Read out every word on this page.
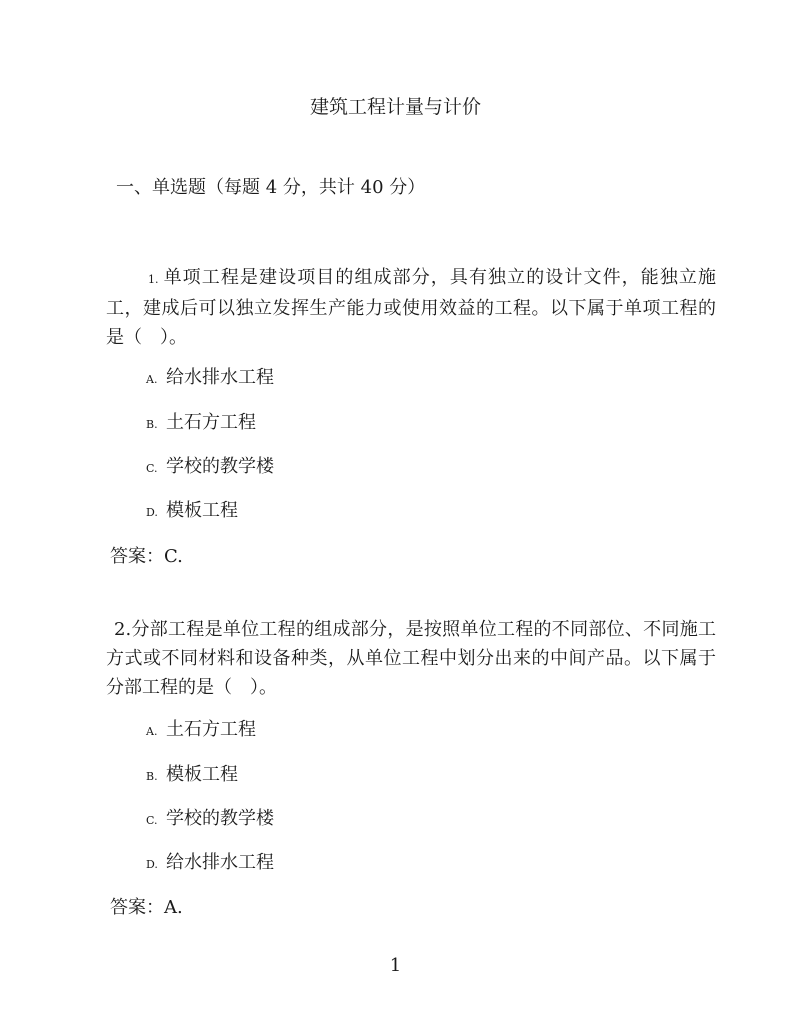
建筑工程计量与计价
一、单选题（每题 4 分，共计 40 分）
1. 单项工程是建设项目的组成部分，具有独立的设计文件，能独立施工，建成后可以独立发挥生产能力或使用效益的工程。以下属于单项工程的是（　）。
A. 给水排水工程
B. 土石方工程
C. 学校的教学楼
D. 模板工程
答案：C.
2.分部工程是单位工程的组成部分，是按照单位工程的不同部位、不同施工方式或不同材料和设备种类，从单位工程中划分出来的中间产品。以下属于分部工程的是（　）。
A. 土石方工程
B. 模板工程
C. 学校的教学楼
D. 给水排水工程
答案：A.
1
